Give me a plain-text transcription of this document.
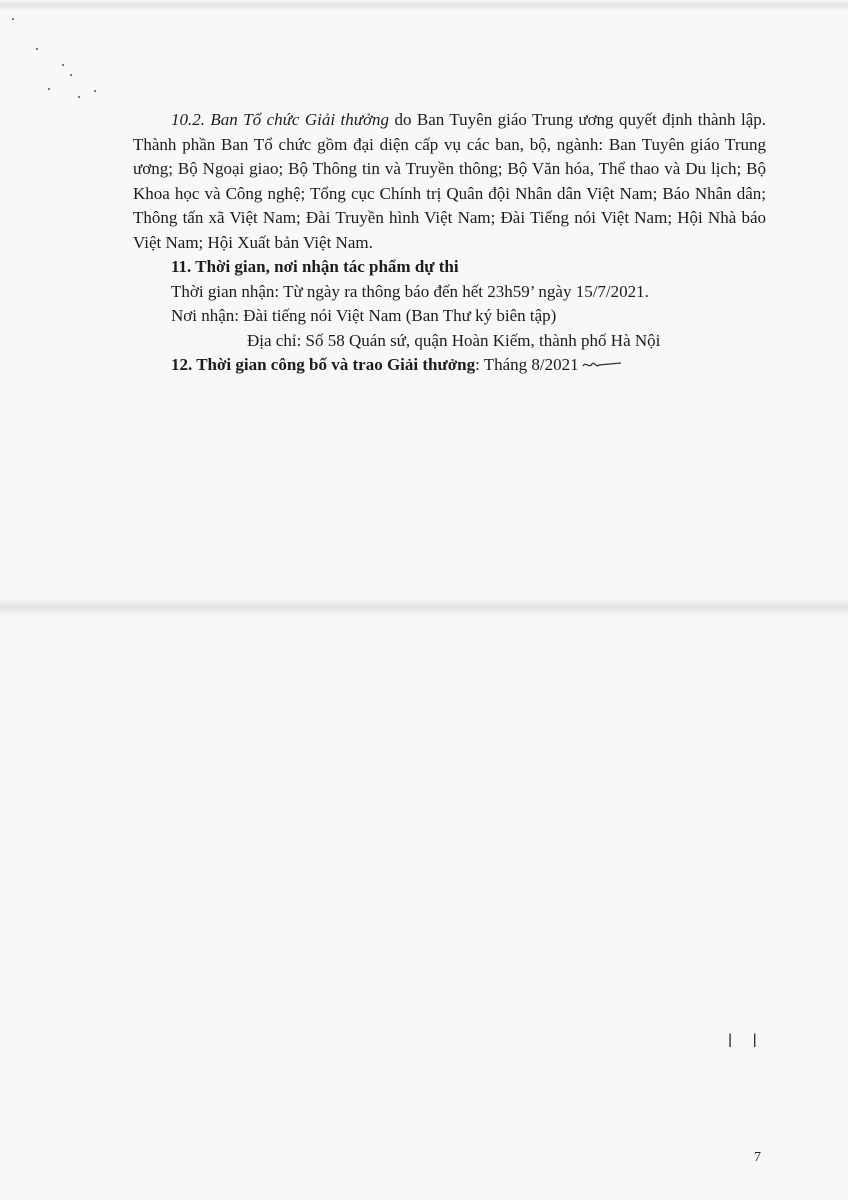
10.2. Ban Tổ chức Giải thưởng do Ban Tuyên giáo Trung ương quyết định thành lập. Thành phần Ban Tổ chức gồm đại diện cấp vụ các ban, bộ, ngành: Ban Tuyên giáo Trung ương; Bộ Ngoại giao; Bộ Thông tin và Truyền thông; Bộ Văn hóa, Thể thao và Du lịch; Bộ Khoa học và Công nghệ; Tổng cục Chính trị Quân đội Nhân dân Việt Nam; Báo Nhân dân; Thông tấn xã Việt Nam; Đài Truyền hình Việt Nam; Đài Tiếng nói Việt Nam; Hội Nhà báo Việt Nam; Hội Xuất bản Việt Nam.

11. Thời gian, nơi nhận tác phẩm dự thi

Thời gian nhận: Từ ngày ra thông báo đến hết 23h59’ ngày 15/7/2021.

Nơi nhận: Đài tiếng nói Việt Nam (Ban Thư ký biên tập)

Địa chỉ: Số 58 Quán sứ, quận Hoàn Kiếm, thành phố Hà Nội

12. Thời gian công bố và trao Giải thưởng: Tháng 8/2021

ǀ ǀ
7
